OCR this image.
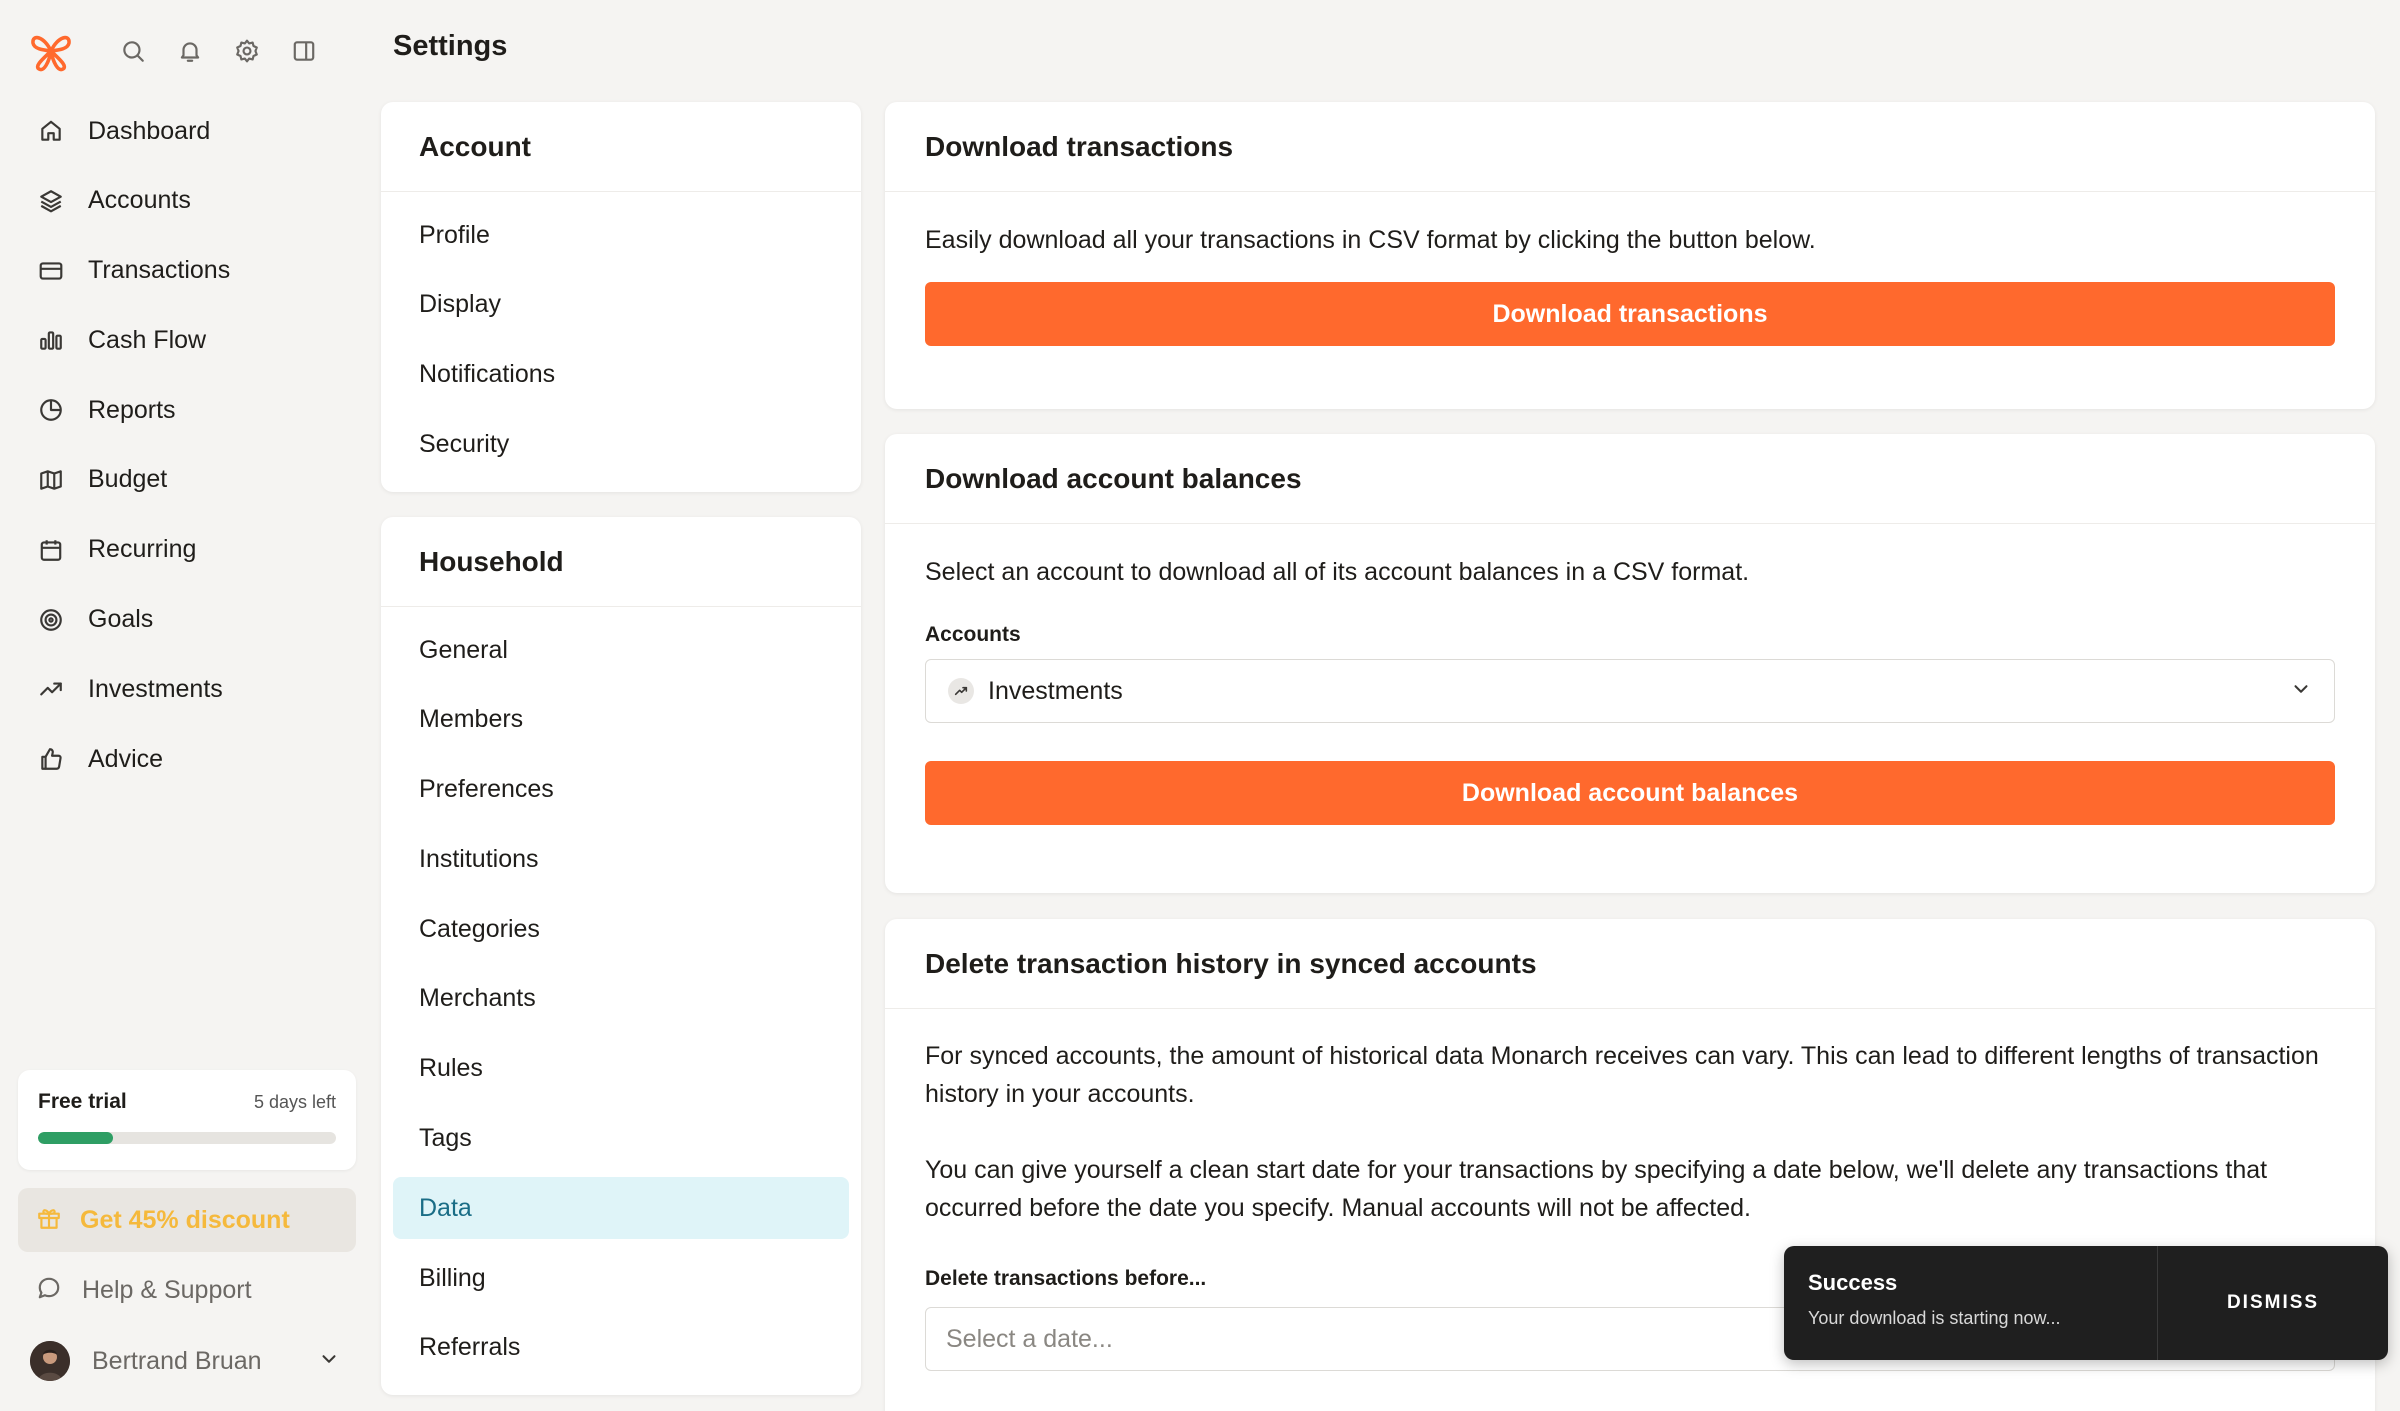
Dashboard
Accounts
Transactions
Cash Flow
Reports
Budget
Recurring
Goals
Investments
Advice
Free trial	5 days left
Get 45% discount
Help & Support
Bertrand Bruan
Settings
Account
Profile
Display
Notifications
Security
Household
General
Members
Preferences
Institutions
Categories
Merchants
Rules
Tags
Data
Billing
Referrals
Download transactions
Easily download all your transactions in CSV format by clicking the button below.
Download transactions
Download account balances
Select an account to download all of its account balances in a CSV format.
Accounts
Investments
Download account balances
Delete transaction history in synced accounts
For synced accounts, the amount of historical data Monarch receives can vary. This can lead to different lengths of transaction history in your accounts.
You can give yourself a clean start date for your transactions by specifying a date below, we'll delete any transactions that occurred before the date you specify. Manual accounts will not be affected.
Delete transactions before...
Select a date...	Success
Your download is starting now...
DISMISS
